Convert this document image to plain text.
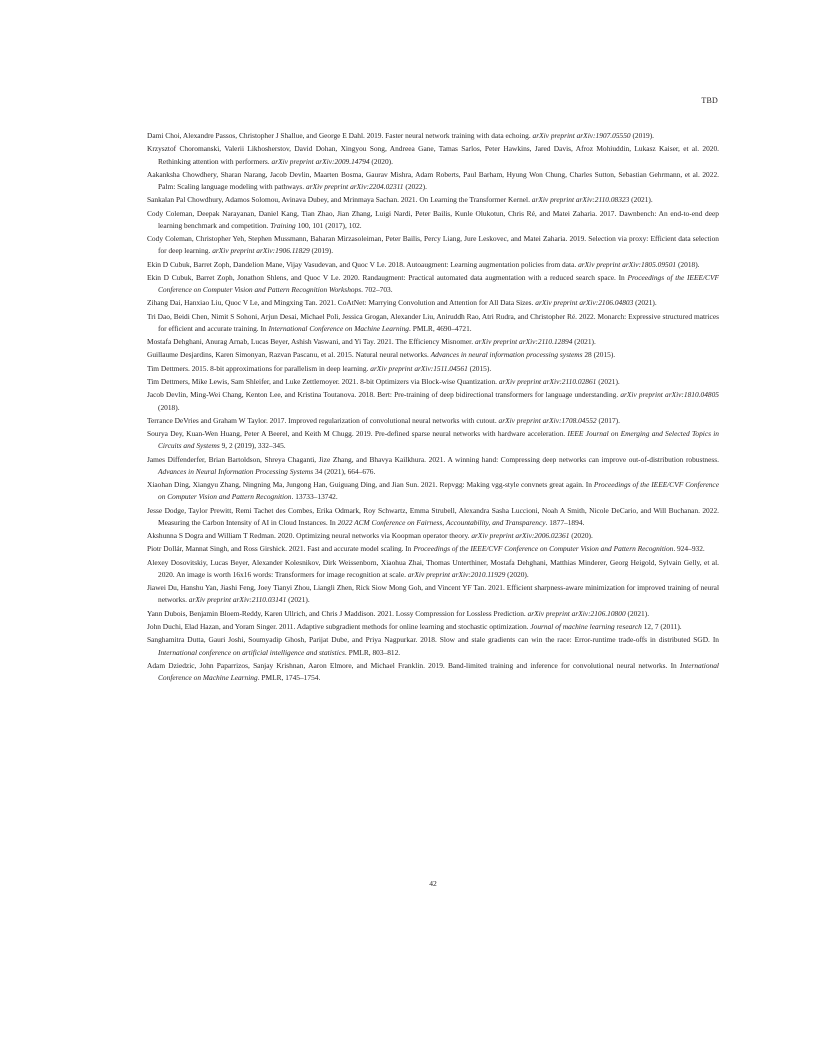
TBD
Dami Choi, Alexandre Passos, Christopher J Shallue, and George E Dahl. 2019. Faster neural network training with data echoing. arXiv preprint arXiv:1907.05550 (2019).
Krzysztof Choromanski, Valerii Likhosherstov, David Dohan, Xingyou Song, Andreea Gane, Tamas Sarlos, Peter Hawkins, Jared Davis, Afroz Mohiuddin, Lukasz Kaiser, et al. 2020. Rethinking attention with performers. arXiv preprint arXiv:2009.14794 (2020).
Aakanksha Chowdhery, Sharan Narang, Jacob Devlin, Maarten Bosma, Gaurav Mishra, Adam Roberts, Paul Barham, Hyung Won Chung, Charles Sutton, Sebastian Gehrmann, et al. 2022. Palm: Scaling language modeling with pathways. arXiv preprint arXiv:2204.02311 (2022).
Sankalan Pal Chowdhury, Adamos Solomou, Avinava Dubey, and Mrinmaya Sachan. 2021. On Learning the Transformer Kernel. arXiv preprint arXiv:2110.08323 (2021).
Cody Coleman, Deepak Narayanan, Daniel Kang, Tian Zhao, Jian Zhang, Luigi Nardi, Peter Bailis, Kunle Olukotun, Chris Ré, and Matei Zaharia. 2017. Dawnbench: An end-to-end deep learning benchmark and competition. Training 100, 101 (2017), 102.
Cody Coleman, Christopher Yeh, Stephen Mussmann, Baharan Mirzasoleiman, Peter Bailis, Percy Liang, Jure Leskovec, and Matei Zaharia. 2019. Selection via proxy: Efficient data selection for deep learning. arXiv preprint arXiv:1906.11829 (2019).
Ekin D Cubuk, Barret Zoph, Dandelion Mane, Vijay Vasudevan, and Quoc V Le. 2018. Autoaugment: Learning augmentation policies from data. arXiv preprint arXiv:1805.09501 (2018).
Ekin D Cubuk, Barret Zoph, Jonathon Shlens, and Quoc V Le. 2020. Randaugment: Practical automated data augmentation with a reduced search space. In Proceedings of the IEEE/CVF Conference on Computer Vision and Pattern Recognition Workshops. 702–703.
Zihang Dai, Hanxiao Liu, Quoc V Le, and Mingxing Tan. 2021. CoAtNet: Marrying Convolution and Attention for All Data Sizes. arXiv preprint arXiv:2106.04803 (2021).
Tri Dao, Beidi Chen, Nimit S Sohoni, Arjun Desai, Michael Poli, Jessica Grogan, Alexander Liu, Aniruddh Rao, Atri Rudra, and Christopher Ré. 2022. Monarch: Expressive structured matrices for efficient and accurate training. In International Conference on Machine Learning. PMLR, 4690–4721.
Mostafa Dehghani, Anurag Arnab, Lucas Beyer, Ashish Vaswani, and Yi Tay. 2021. The Efficiency Misnomer. arXiv preprint arXiv:2110.12894 (2021).
Guillaume Desjardins, Karen Simonyan, Razvan Pascanu, et al. 2015. Natural neural networks. Advances in neural information processing systems 28 (2015).
Tim Dettmers. 2015. 8-bit approximations for parallelism in deep learning. arXiv preprint arXiv:1511.04561 (2015).
Tim Dettmers, Mike Lewis, Sam Shleifer, and Luke Zettlemoyer. 2021. 8-bit Optimizers via Block-wise Quantization. arXiv preprint arXiv:2110.02861 (2021).
Jacob Devlin, Ming-Wei Chang, Kenton Lee, and Kristina Toutanova. 2018. Bert: Pre-training of deep bidirectional transformers for language understanding. arXiv preprint arXiv:1810.04805 (2018).
Terrance DeVries and Graham W Taylor. 2017. Improved regularization of convolutional neural networks with cutout. arXiv preprint arXiv:1708.04552 (2017).
Sourya Dey, Kuan-Wen Huang, Peter A Beerel, and Keith M Chugg. 2019. Pre-defined sparse neural networks with hardware acceleration. IEEE Journal on Emerging and Selected Topics in Circuits and Systems 9, 2 (2019), 332–345.
James Diffenderfer, Brian Bartoldson, Shreya Chaganti, Jize Zhang, and Bhavya Kailkhura. 2021. A winning hand: Compressing deep networks can improve out-of-distribution robustness. Advances in Neural Information Processing Systems 34 (2021), 664–676.
Xiaohan Ding, Xiangyu Zhang, Ningning Ma, Jungong Han, Guiguang Ding, and Jian Sun. 2021. Repvgg: Making vgg-style convnets great again. In Proceedings of the IEEE/CVF Conference on Computer Vision and Pattern Recognition. 13733–13742.
Jesse Dodge, Taylor Prewitt, Remi Tachet des Combes, Erika Odmark, Roy Schwartz, Emma Strubell, Alexandra Sasha Luccioni, Noah A Smith, Nicole DeCario, and Will Buchanan. 2022. Measuring the Carbon Intensity of AI in Cloud Instances. In 2022 ACM Conference on Fairness, Accountability, and Transparency. 1877–1894.
Akshunna S Dogra and William T Redman. 2020. Optimizing neural networks via Koopman operator theory. arXiv preprint arXiv:2006.02361 (2020).
Piotr Dollár, Mannat Singh, and Ross Girshick. 2021. Fast and accurate model scaling. In Proceedings of the IEEE/CVF Conference on Computer Vision and Pattern Recognition. 924–932.
Alexey Dosovitskiy, Lucas Beyer, Alexander Kolesnikov, Dirk Weissenborn, Xiaohua Zhai, Thomas Unterthiner, Mostafa Dehghani, Matthias Minderer, Georg Heigold, Sylvain Gelly, et al. 2020. An image is worth 16x16 words: Transformers for image recognition at scale. arXiv preprint arXiv:2010.11929 (2020).
Jiawei Du, Hanshu Yan, Jiashi Feng, Joey Tianyi Zhou, Liangli Zhen, Rick Siow Mong Goh, and Vincent YF Tan. 2021. Efficient sharpness-aware minimization for improved training of neural networks. arXiv preprint arXiv:2110.03141 (2021).
Yann Dubois, Benjamin Bloem-Reddy, Karen Ullrich, and Chris J Maddison. 2021. Lossy Compression for Lossless Prediction. arXiv preprint arXiv:2106.10800 (2021).
John Duchi, Elad Hazan, and Yoram Singer. 2011. Adaptive subgradient methods for online learning and stochastic optimization. Journal of machine learning research 12, 7 (2011).
Sanghamitra Dutta, Gauri Joshi, Soumyadip Ghosh, Parijat Dube, and Priya Nagpurkar. 2018. Slow and stale gradients can win the race: Error-runtime trade-offs in distributed SGD. In International conference on artificial intelligence and statistics. PMLR, 803–812.
Adam Dziedzic, John Paparrizos, Sanjay Krishnan, Aaron Elmore, and Michael Franklin. 2019. Band-limited training and inference for convolutional neural networks. In International Conference on Machine Learning. PMLR, 1745–1754.
42
